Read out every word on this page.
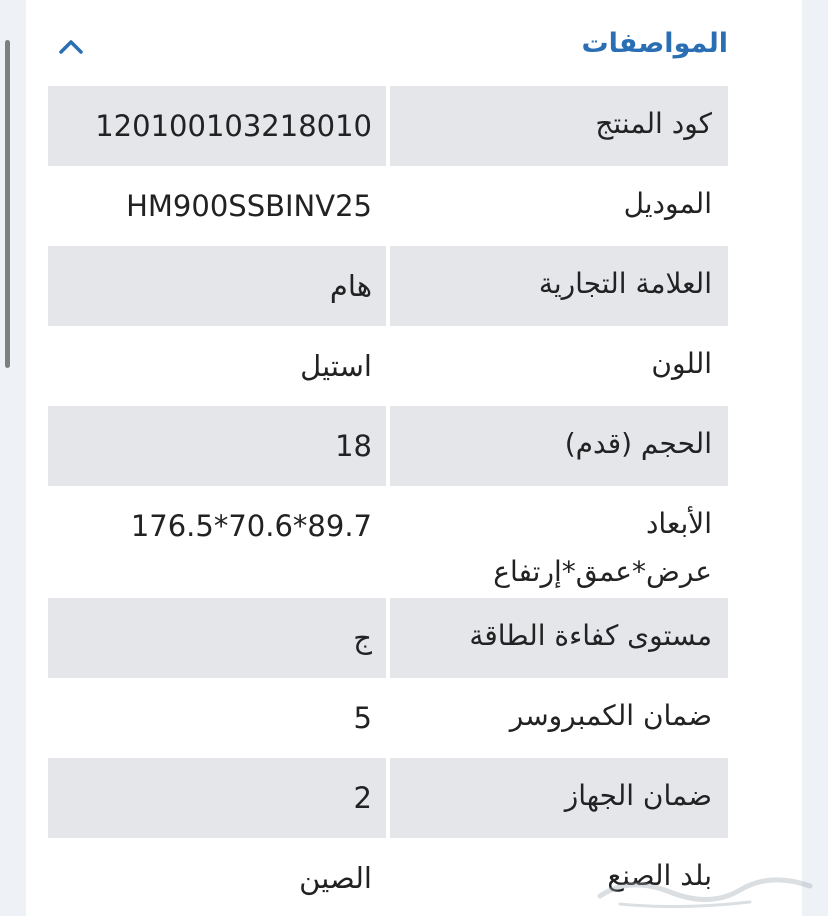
المواصفات
كود المنتج
120100103218010
الموديل
HM900SSBINV25
العلامة التجارية
هام
اللون
استيل
الحجم (قدم)
18
الأبعاد عرض*عمق*إرتفاع
176.5*70.6*89.7
مستوى كفاءة الطاقة
ج
ضمان الكمبروسر
5
ضمان الجهاز
2
بلد الصنع
الصين
